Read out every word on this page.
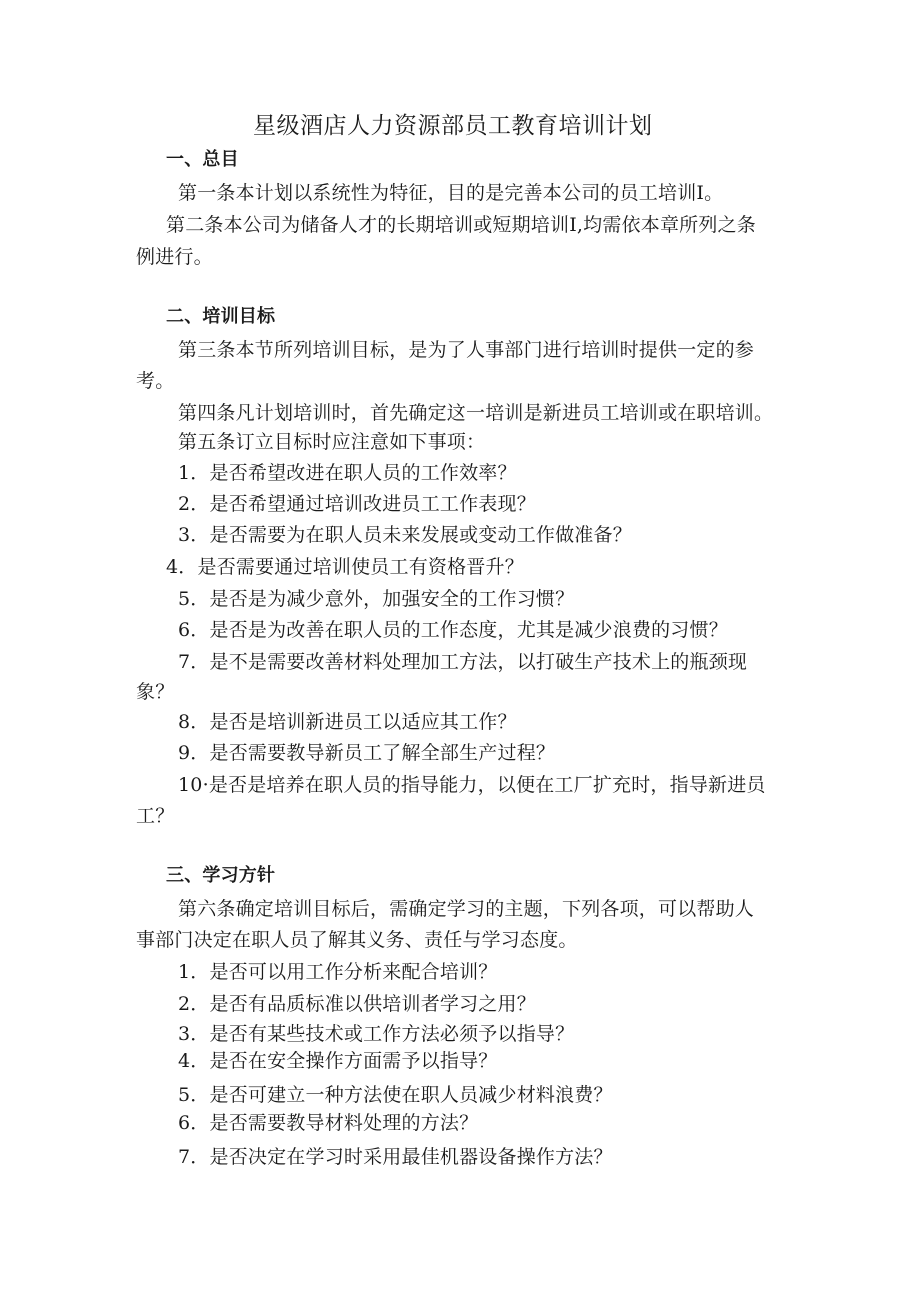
星级酒店人力资源部员工教育培训计划
一、总目
第一条本计划以系统性为特征，目的是完善本公司的员工培训I。
第二条本公司为储备人才的长期培训或短期培训I,均需依本章所列之条
例进行。
二、培训目标
第三条本节所列培训目标，是为了人事部门进行培训时提供一定的参
考。
第四条凡计划培训时，首先确定这一培训是新进员工培训或在职培训。
第五条订立目标时应注意如下事项：
1．是否希望改进在职人员的工作效率？
2．是否希望通过培训改进员工工作表现？
3．是否需要为在职人员未来发展或变动工作做准备？
4．是否需要通过培训使员工有资格晋升？
5．是否是为减少意外，加强安全的工作习惯？
6．是否是为改善在职人员的工作态度，尤其是减少浪费的习惯？
7．是不是需要改善材料处理加工方法，以打破生产技术上的瓶颈现
象？
8．是否是培训新进员工以适应其工作？
9．是否需要教导新员工了解全部生产过程？
10·是否是培养在职人员的指导能力，以便在工厂扩充时，指导新进员
工？
三、学习方针
第六条确定培训目标后，需确定学习的主题，下列各项，可以帮助人
事部门决定在职人员了解其义务、责任与学习态度。
1．是否可以用工作分析来配合培训？
2．是否有品质标准以供培训者学习之用？
3．是否有某些技术或工作方法必须予以指导？
4．是否在安全操作方面需予以指导？
5．是否可建立一种方法使在职人员减少材料浪费？
6．是否需要教导材料处理的方法？
7．是否决定在学习时采用最佳机器设备操作方法？
